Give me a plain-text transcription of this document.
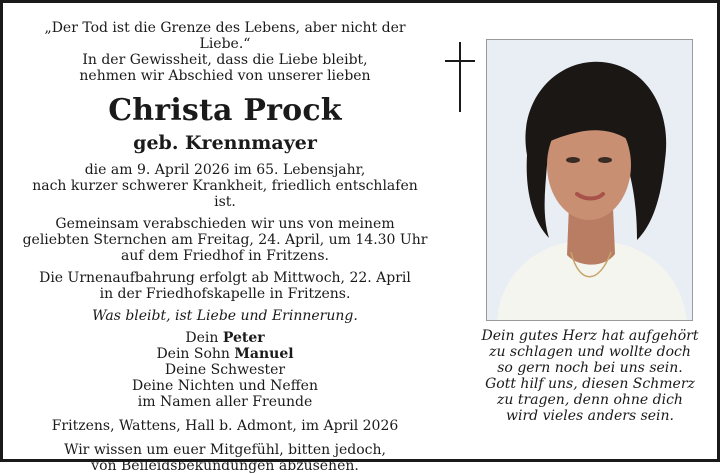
„Der Tod ist die Grenze des Lebens, aber nicht der Liebe.“

In der Gewissheit, dass die Liebe bleibt,

nehmen wir Abschied von unserer lieben

Christa Prock
geb. Krennmayer

die am 9. April 2026 im 65. Lebensjahr,

nach kurzer schwerer Krankheit, friedlich entschlafen ist.

Gemeinsam verabschieden wir uns von meinem

geliebten Sternchen am Freitag, 24. April, um 14.30 Uhr

auf dem Friedhof in Fritzens.

Die Urnenaufbahrung erfolgt ab Mittwoch, 22. April

in der Friedhofskapelle in Fritzens.

Was bleibt, ist Liebe und Erinnerung.

Dein Peter

Dein Sohn Manuel

Deine Schwester

Deine Nichten und Neffen

im Namen aller Freunde

Fritzens, Wattens, Hall b. Admont, im April 2026

Wir wissen um euer Mitgefühl, bitten jedoch,

von Beileidsbekundungen abzusehen.

Dein gutes Herz hat aufgehört

zu schlagen und wollte doch

so gern noch bei uns sein.

Gott hilf uns, diesen Schmerz

zu tragen, denn ohne dich

wird vieles anders sein.
